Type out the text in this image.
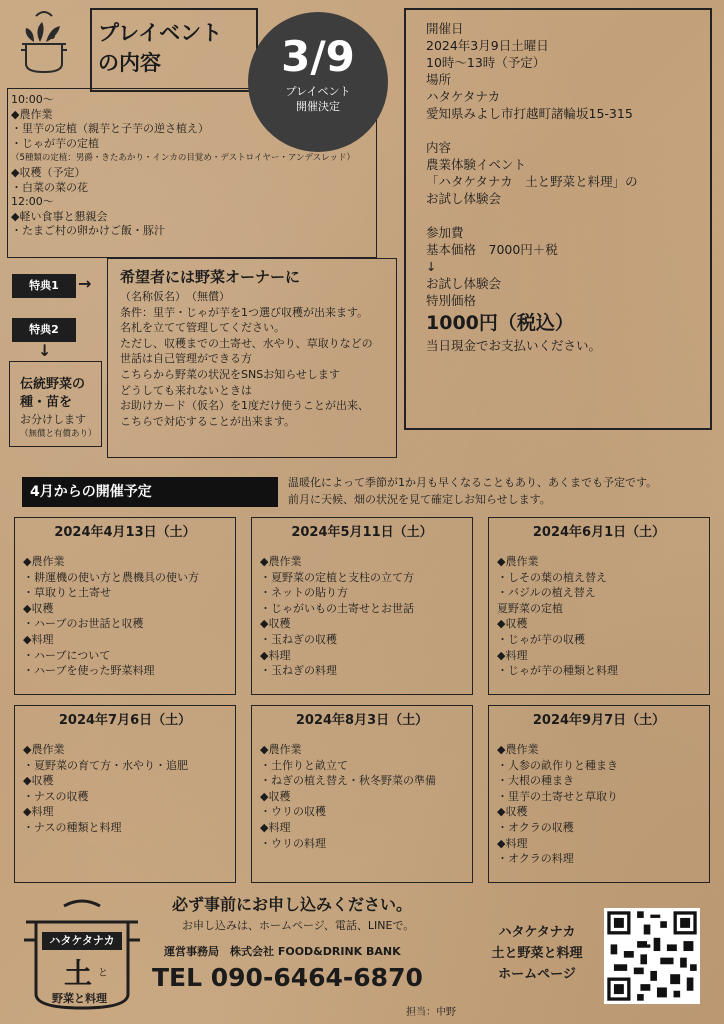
プレイベント
の内容
10:00〜
◆農作業
・里芋の定植（親芋と子芋の逆さ植え）
・じゃが芋の定植
（5種類の定植：男爵・きたあかり・インカの目覚め・デストロイヤー・アンデスレッド）
◆収穫（予定）
・白菜の菜の花
12:00〜
◆軽い食事と懇親会
・たまご村の卵かけご飯・豚汁
3/9
プレイベント
開催決定
開催日
2024年3月9日土曜日
10時〜13時（予定）
場所
ハタケタナカ
愛知県みよし市打越町諸輪坂15-315
内容
農業体験イベント
「ハタケタナカ　土と野菜と料理」の
お試し体験会
参加費
基本価格　7000円＋税
↓
お試し体験会
特別価格
1000円（税込）
当日現金でお支払いください。
特典1	→
特典2
↓
希望者には野菜オーナーに
（名称仮名）　（無償）
条件：里芋・じゃが芋を1つ選び収穫が出来ます。
名札を立てて管理してください。
ただし、収穫までの土寄せ、水やり、草取りなどの
世話は自己管理ができる方
こちらから野菜の状況をSNSお知らせします
どうしても来れないときは
お助けカード（仮名）を1度だけ使うことが出来、
こちらで対応することが出来ます。
伝統野菜の
種・苗を
お分けします
（無償と有償あり）
4月からの開催予定
温暖化によって季節が1か月も早くなることもあり、あくまでも予定です。
前月に天候、畑の状況を見て確定しお知らせします。
2024年4月13日（土）
◆農作業
・耕運機の使い方と農機具の使い方
・草取りと土寄せ
◆収穫
・ハーブのお世話と収穫
◆料理
・ハーブについて
・ハーブを使った野菜料理
2024年5月11日（土）
◆農作業
・夏野菜の定植と支柱の立て方
・ネットの貼り方
・じゃがいもの土寄せとお世話
◆収穫
・玉ねぎの収穫
◆料理
・玉ねぎの料理
2024年6月1日（土）
◆農作業
・しその葉の植え替え
・バジルの植え替え
夏野菜の定植
◆収穫
・じゃが芋の収穫
◆料理
・じゃが芋の種類と料理
2024年7月6日（土）
◆農作業
・夏野菜の育て方・水やり・追肥
◆収穫
・ナスの収穫
◆料理
・ナスの種類と料理
2024年8月3日（土）
◆農作業
・土作りと畝立て
・ねぎの植え替え・秋冬野菜の準備
◆収穫
・ウリの収穫
◆料理
・ウリの料理
2024年9月7日（土）
◆農作業
・人参の畝作りと種まき
・大根の種まき
・里芋の土寄せと草取り
◆収穫
・オクラの収穫
◆料理
・オクラの料理
ハタケタナカ
土 と
野菜と料理
必ず事前にお申し込みください。
お申し込みは、ホームページ、電話、LINEで。
運営事務局　株式会社 FOOD&DRINK BANK
TEL 090-6464-6870
担当：中野
ハタケタナカ
土と野菜と料理
ホームページ
